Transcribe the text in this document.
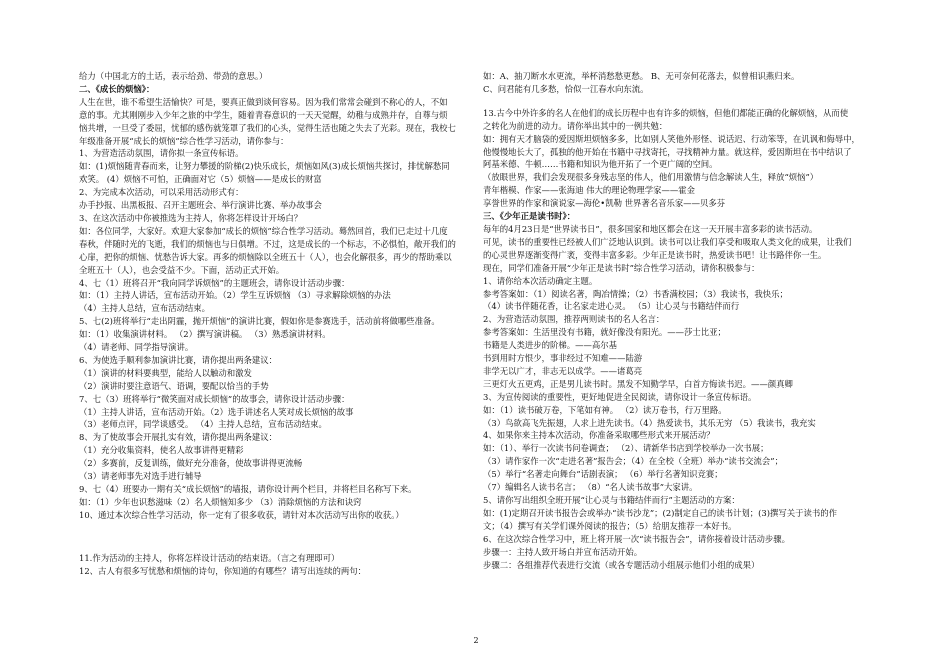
给力（中国北方的土话，表示给劲、带劲的意思。）
二、《成长的烦恼》：
人生在世，谁不希望生活愉快？可是，要真正做到谈何容易。因为我们常常会碰到不称心的人，不如
意的事。尤其刚刚步入少年之旅的中学生，随着青春意识的一天天觉醒，幼稚与成熟并存，自尊与烦
恼共增，一旦受了委屈，忧郁的感伤就笼罩了我们的心头，觉得生活也随之失去了光彩。现在，我校七
年级准备开展“成长的烦恼”综合性学习活动，请你参与：
1、为营造活动氛围，请你拟一条宣传标语。
如：(1)烦恼随青春而来，让努力攀援的阶梯(2)快乐成长，烦恼如风(3)成长烦恼共探讨，排忧解愁同
欢笑。 (4）烦恼不可怕，正确面对它（5）烦恼——是成长的财富
2、为完成本次活动，可以采用活动形式有：
办手抄报、出黑板报、召开主题班会、举行演讲比赛、举办故事会
3、在这次活动中你被推选为主持人，你将怎样设计开场白？
如：各位同学，大家好。欢迎大家参加“成长的烦恼”综合性学习活动。蓦然回首，我们已走过十几度
春秋，伴随时光的飞逝，我们的烦恼也与日俱增。不过，这是成长的一个标志，不必惧怕，敞开我们的
心扉，把你的烦恼、忧愁告诉大家。再多的烦恼除以全班五十（人），也会化解很多，再少的帮助乘以
全班五十（人），也会受益不少。下面，活动正式开始。
4、七（1）班将召开“我向同学诉烦恼”的主题班会，请你设计活动步骤：
如：（1）主持人讲话，宣布活动开始。（2）学生互诉烦恼 （3）寻求解除烦恼的办法
（4）主持人总结，宣布活动结束。
5、七(2)班将举行“走出阴霾，抛开烦恼”的演讲比赛，假如你是参赛选手，活动前将做哪些准备。
如：（1）收集演讲材料。 （2）撰写演讲稿。 （3）熟悉演讲材料。
（4）请老师、同学指导演讲。
6、为使选手顺利参加演讲比赛，请你提出两条建议：
（1）演讲的材料要典型，能给人以触动和激发
（2）演讲时要注意语气、语调，要配以恰当的手势
7、七（3）班将举行“微笑面对成长烦恼”的故事会，请你设计活动步骤：
（1）主持人讲话，宣布活动开始。（2）选手讲述名人笑对成长烦恼的故事
（3）老师点评，同学谈感受。 （4）主持人总结，宣布活动结束。
8、为了使故事会开展扎实有效，请你提出两条建议：
（1）充分收集资料，使名人故事讲得更精彩
（2）多赛前，反复训练，做好充分准备，使故事讲得更流畅
（3）请老师事先对选手进行辅导
9、七（4）班要办一期有关“成长烦恼”的墙报，请你设计两个栏目，并将栏目名称写下来。
如：（1）少年也识愁滋味（2）名人烦恼知多少 （3）消除烦恼的方法和诀窍
10、通过本次综合性学习活动，你一定有了很多收获，请针对本次活动写出你的收获。）
11.作为活动的主持人，你将怎样设计活动的结束语。（言之有理即可）
12、古人有很多写忧愁和烦恼的诗句，你知道的有哪些？请写出连续的两句：
如：A、抽刀断水水更流，举杯消愁愁更愁。 B、无可奈何花落去，似曾相识燕归来。
C、问君能有几多愁，恰似一江春水向东流。
13.古今中外许多的名人在他们的成长历程中也有许多的烦恼，但他们都能正确的化解烦恼，从而使
之转化为前进的动力。请你举出其中的一例共勉：
如：拥有天才脑袋的爱因斯坦烦恼多多，比如别人笑他外形怪、说话迟、行动笨等，在讥讽和侮辱中，
他慢慢地长大了，孤独的他开始在书籍中寻找寄托，寻找精神力量。就这样，爱因斯坦在书中结识了
阿基米德、牛顿……书籍和知识为他开拓了一个更广阔的空间。
（放眼世界，我们会发现很多身残志坚的伟人，他们用激情与信念解读人生，释放“烦恼”）
青年楷模、作家——张海迪 伟大的理论物理学家——霍金
享誉世界的作家和演说家—海伦•凯勒 世界著名音乐家——贝多芬
三、《少年正是读书时》：
每年的4月23日是“世界读书日”，很多国家和地区都会在这一天开展丰富多彩的读书活动。
可见，读书的重要性已经被人们广泛地认识到。读书可以让我们享受和吸取人类文化的成果，让我们
的心灵世界逐渐变得广袤，变得丰富多彩。少年正是读书时，热爱读书吧！让书路伴你一生。
现在，同学们准备开展“少年正是读书时”综合性学习活动，请你积极参与：
1、请你给本次活动确定主题。
参考答案如：（1）阅读名著，陶冶情操；（2）书香满校园；（3）我读书，我快乐；
（4）读书伴随花香，让名家走进心灵。 （5）让心灵与书籍结伴而行
2、为营造活动氛围，推荐两则读书的名人名言：
参考答案如：生活里没有书籍，就好像没有阳光。——莎士比亚；
书籍是人类进步的阶梯。——高尔基
书到用时方恨少，事非经过不知难——陆游
非学无以广才，非志无以成学。——诸葛亮
三更灯火五更鸡，正是男儿读书时。黑发不知勤学早，白首方悔读书迟。——颜真卿
3、为宣传阅读的重要性，更好地促进全民阅读，请你设计一条宣传标语。
如：（1）读书破万卷，下笔如有神。 （2）读万卷书，行万里路。
（3）鸟欲高飞先振翅，人求上进先读书。（4）热爱读书，其乐无穷 （5）我读书，我充实
4、如果你来主持本次活动，你准备采取哪些形式来开展活动？
如：（1）、举行一次读书问卷调查； （2）、请新华书店到学校举办一次书展；
（3）请作家作一次“走进名著”报告会；（4）在全校（全班）举办“读书交流会”；
（5）举行“名著走向舞台”话剧表演； （6）举行名著知识竞赛；
（7）编辑名人读书名言； （8）“名人读书故事”大家讲。
5、请你写出组织全班开展“让心灵与书籍结伴而行”主题活动的方案：
如：(1)定期召开读书报告会或举办“读书沙龙”；(2)制定自己的读书计划；(3)撰写关于读书的作
文；（4）撰写有关学们课外阅读的报告；（5）给朋友推荐一本好书。
6、在这次综合性学习中，班上将开展一次“读书报告会”，请你接着设计活动步骤。
步骤一：主持人致开场白并宣布活动开始。
步骤二：各组推荐代表进行交流（或各专题活动小组展示他们小组的成果）
2
